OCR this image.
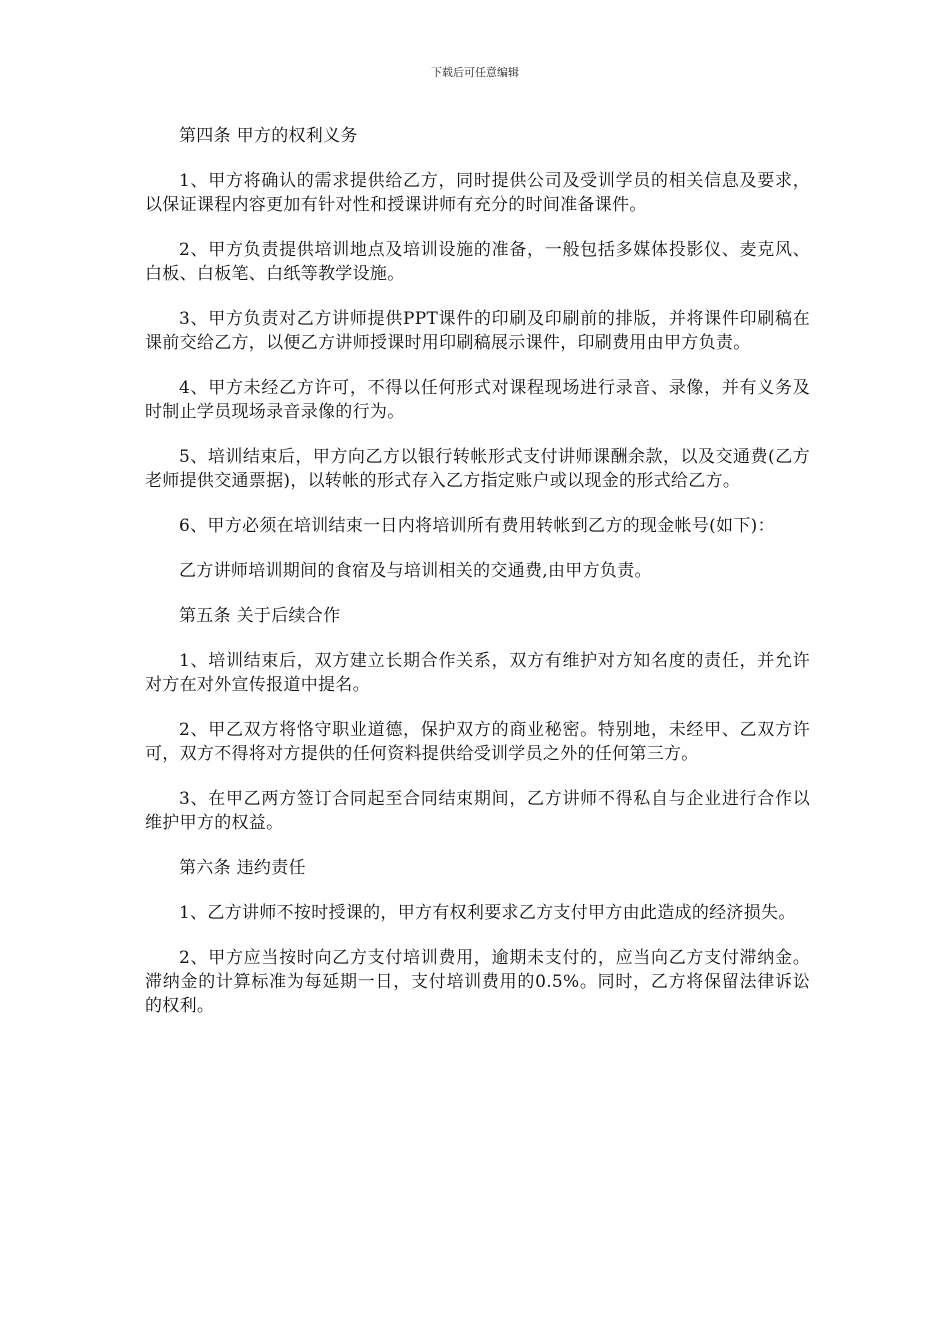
下载后可任意编辑

第四条 甲方的权利义务

1、甲方将确认的需求提供给乙方，同时提供公司及受训学员的相关信息及要求，以保证课程内容更加有针对性和授课讲师有充分的时间准备课件。

2、甲方负责提供培训地点及培训设施的准备，一般包括多媒体投影仪、麦克风、白板、白板笔、白纸等教学设施。

3、甲方负责对乙方讲师提供PPT课件的印刷及印刷前的排版，并将课件印刷稿在课前交给乙方，以便乙方讲师授课时用印刷稿展示课件，印刷费用由甲方负责。

4、甲方未经乙方许可，不得以任何形式对课程现场进行录音、录像，并有义务及时制止学员现场录音录像的行为。

5、培训结束后，甲方向乙方以银行转帐形式支付讲师课酬余款，以及交通费(乙方老师提供交通票据)，以转帐的形式存入乙方指定账户或以现金的形式给乙方。

6、甲方必须在培训结束一日内将培训所有费用转帐到乙方的现金帐号(如下)：

乙方讲师培训期间的食宿及与培训相关的交通费,由甲方负责。

第五条 关于后续合作

1、培训结束后，双方建立长期合作关系，双方有维护对方知名度的责任，并允许对方在对外宣传报道中提名。

2、甲乙双方将恪守职业道德，保护双方的商业秘密。特别地，未经甲、乙双方许可，双方不得将对方提供的任何资料提供给受训学员之外的任何第三方。

3、在甲乙两方签订合同起至合同结束期间，乙方讲师不得私自与企业进行合作以维护甲方的权益。

第六条 违约责任

1、乙方讲师不按时授课的，甲方有权利要求乙方支付甲方由此造成的经济损失。

2、甲方应当按时向乙方支付培训费用，逾期未支付的，应当向乙方支付滞纳金。滞纳金的计算标准为每延期一日，支付培训费用的0.5%。同时，乙方将保留法律诉讼的权利。
